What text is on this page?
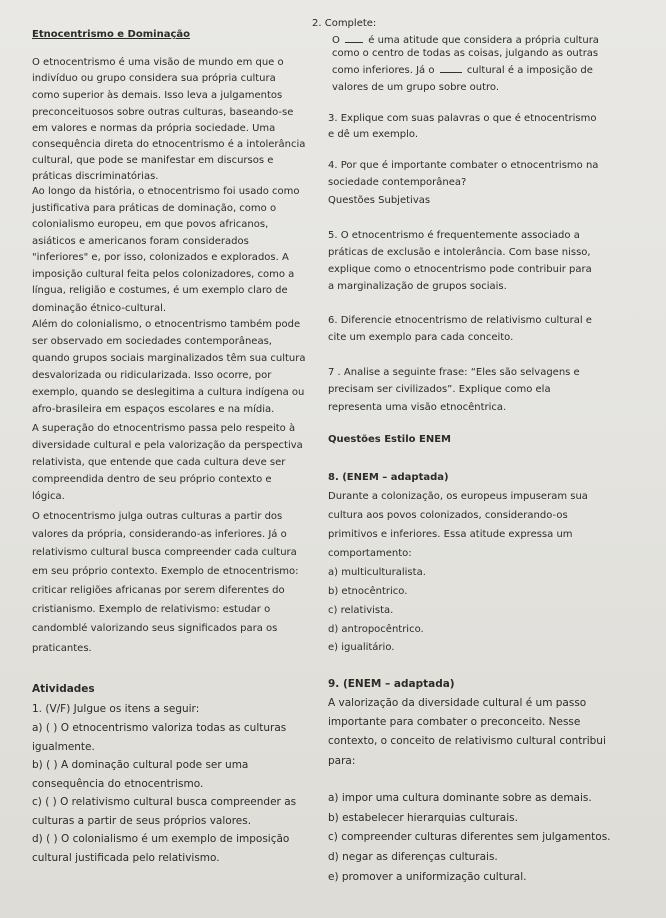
Etnocentrismo e Dominação
O etnocentrismo é uma visão de mundo em que o
indivíduo ou grupo considera sua própria cultura
como superior às demais. Isso leva a julgamentos
preconceituosos sobre outras culturas, baseando-se
em valores e normas da própria sociedade. Uma
consequência direta do etnocentrismo é a intolerância
cultural, que pode se manifestar em discursos e
práticas discriminatórias.
Ao longo da história, o etnocentrismo foi usado como
justificativa para práticas de dominação, como o
colonialismo europeu, em que povos africanos,
asiáticos e americanos foram considerados
"inferiores" e, por isso, colonizados e explorados. A
imposição cultural feita pelos colonizadores, como a
língua, religião e costumes, é um exemplo claro de
dominação étnico-cultural.
Além do colonialismo, o etnocentrismo também pode
ser observado em sociedades contemporâneas,
quando grupos sociais marginalizados têm sua cultura
desvalorizada ou ridicularizada. Isso ocorre, por
exemplo, quando se deslegitima a cultura indígena ou
afro-brasileira em espaços escolares e na mídia.
A superação do etnocentrismo passa pelo respeito à
diversidade cultural e pela valorização da perspectiva
relativista, que entende que cada cultura deve ser
compreendida dentro de seu próprio contexto e
lógica.
O etnocentrismo julga outras culturas a partir dos
valores da própria, considerando-as inferiores. Já o
relativismo cultural busca compreender cada cultura
em seu próprio contexto. Exemplo de etnocentrismo:
criticar religiões africanas por serem diferentes do
cristianismo. Exemplo de relativismo: estudar o
candomblé valorizando seus significados para os
praticantes.
Atividades
1. (V/F) Julgue os itens a seguir:
a) ( ) O etnocentrismo valoriza todas as culturas
igualmente.
b) ( ) A dominação cultural pode ser uma
consequência do etnocentrismo.
c) ( ) O relativismo cultural busca compreender as
culturas a partir de seus próprios valores.
d) ( ) O colonialismo é um exemplo de imposição
cultural justificada pelo relativismo.
2. Complete:
O	é uma atitude que considera a própria cultura
como o centro de todas as coisas, julgando as outras
como inferiores. Já o	cultural é a imposição de
valores de um grupo sobre outro.
3. Explique com suas palavras o que é etnocentrismo
e dê um exemplo.
4. Por que é importante combater o etnocentrismo na
sociedade contemporânea?
Questões Subjetivas
5. O etnocentrismo é frequentemente associado a
práticas de exclusão e intolerância. Com base nisso,
explique como o etnocentrismo pode contribuir para
a marginalização de grupos sociais.
6. Diferencie etnocentrismo de relativismo cultural e
cite um exemplo para cada conceito.
7 . Analise a seguinte frase: “Eles são selvagens e
precisam ser civilizados”. Explique como ela
representa uma visão etnocêntrica.
Questões Estilo ENEM
8. (ENEM – adaptada)
Durante a colonização, os europeus impuseram sua
cultura aos povos colonizados, considerando-os
primitivos e inferiores. Essa atitude expressa um
comportamento:
a) multiculturalista.
b) etnocêntrico.
c) relativista.
d) antropocêntrico.
e) igualitário.
9. (ENEM – adaptada)
A valorização da diversidade cultural é um passo
importante para combater o preconceito. Nesse
contexto, o conceito de relativismo cultural contribui
para:
a) impor uma cultura dominante sobre as demais.
b) estabelecer hierarquias culturais.
c) compreender culturas diferentes sem julgamentos.
d) negar as diferenças culturais.
e) promover a uniformização cultural.
